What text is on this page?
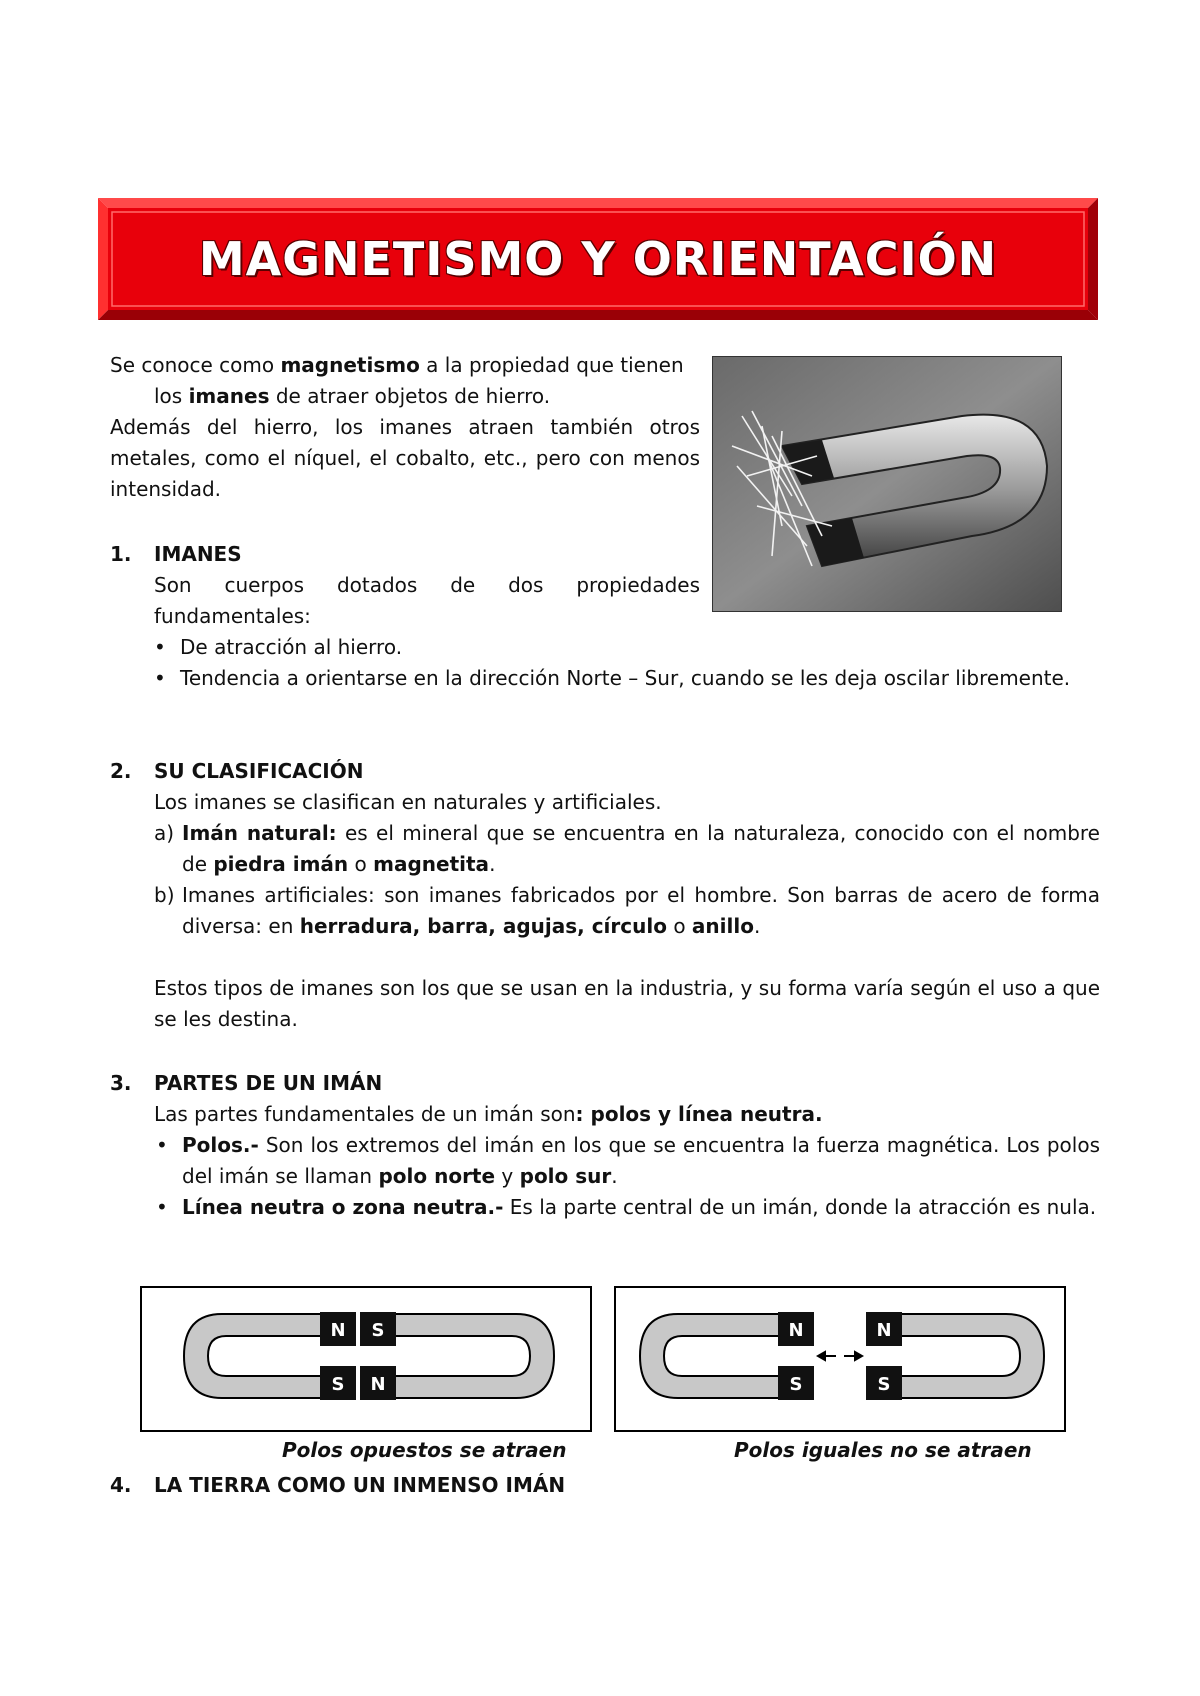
MAGNETISMO Y ORIENTACIÓN

Se conoce como magnetismo a la propiedad que tienen

los imanes de atraer objetos de hierro.

Además del hierro, los imanes atraen también otros metales, como el níquel, el cobalto, etc., pero con menos intensidad.

1.	IMANES

Son cuerpos dotados de dos propiedades fundamentales:

• De atracción al hierro.
• Tendencia a orientarse en la dirección Norte – Sur, cuando se les deja oscilar libremente.
2.	SU CLASIFICACIÓN

Los imanes se clasifican en naturales y artificiales.

a) Imán natural: es el mineral que se encuentra en la naturaleza, conocido con el nombre de piedra imán o magnetita.
b) Imanes artificiales: son imanes fabricados por el hombre. Son barras de acero de forma diversa: en herradura, barra, agujas, círculo o anillo.

Estos tipos de imanes son los que se usan en la industria, y su forma varía según el uso a que se les destina.

3.	PARTES DE UN IMÁN

Las partes fundamentales de un imán son: polos y línea neutra.

• Polos.- Son los extremos del imán en los que se encuentra la fuerza magnética. Los polos del imán se llaman polo norte y polo sur.
• Línea neutra o zona neutra.- Es la parte central de un imán, donde la atracción es nula.
N
S
S
N
N
S
N
S
Polos opuestos se atraen	Polos iguales no se atraen
4.	LA TIERRA COMO UN INMENSO IMÁN
